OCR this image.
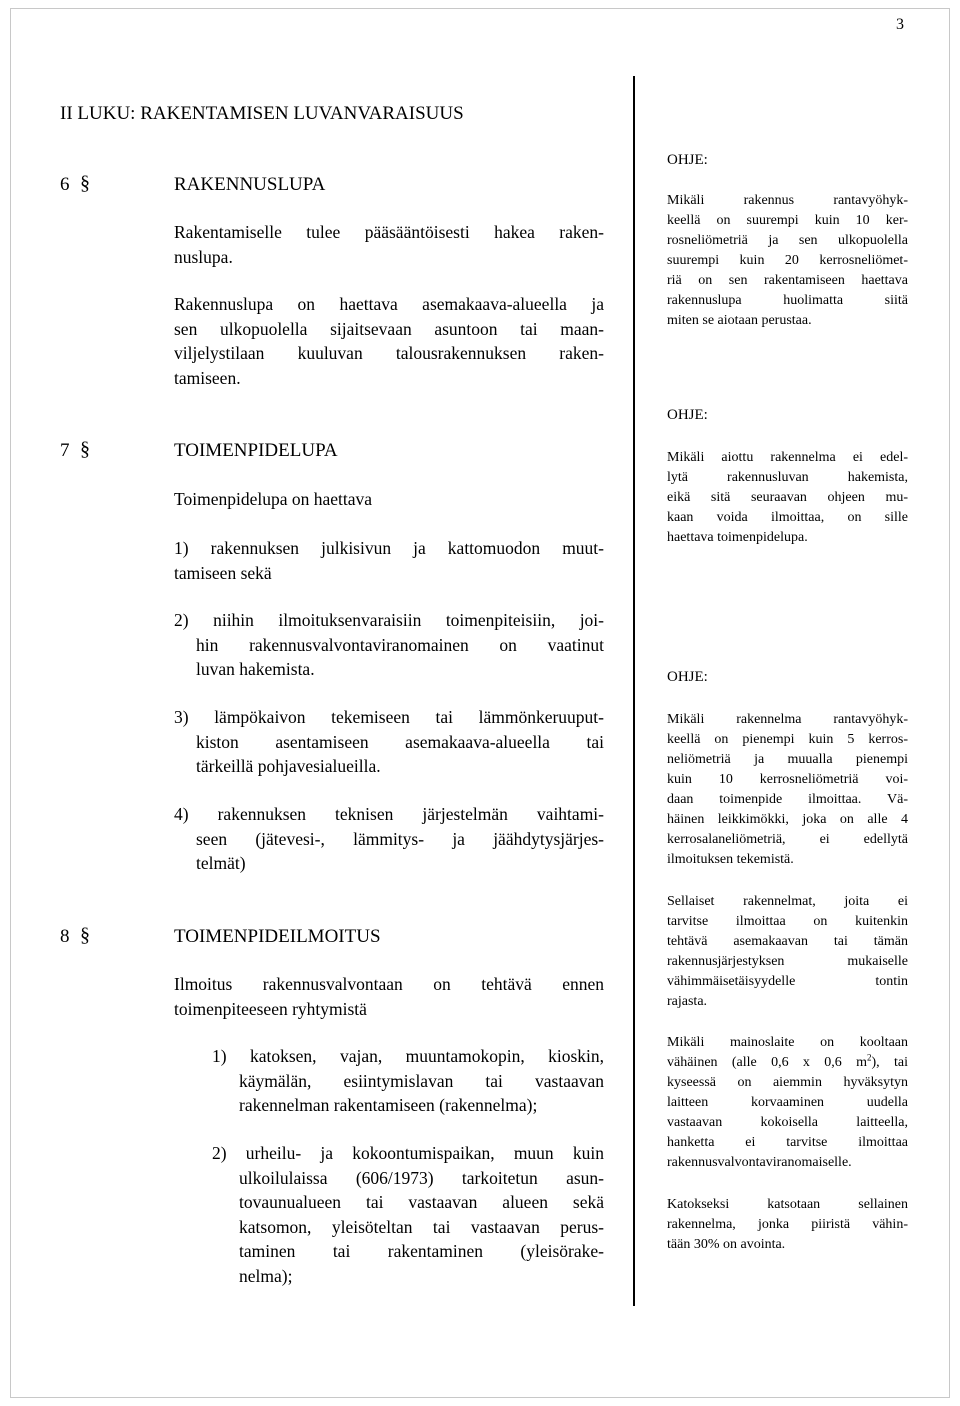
3
II LUKU: RAKENTAMISEN LUVANVARAISUUS
6 §	RAKENNUSLUPA
Rakentamiselle tulee pääsääntöisesti hakea raken-
nuslupa.
Rakennuslupa on haettava asemakaava-alueella ja
sen ulkopuolella sijaitsevaan asuntoon tai maan-
viljelystilaan kuuluvan talousrakennuksen raken-
tamiseen.
7 §	TOIMENPIDELUPA
Toimenpidelupa on haettava
1) rakennuksen julkisivun ja kattomuodon muut-
tamiseen sekä
2) niihin ilmoituksenvaraisiin toimenpiteisiin, joi-
hin rakennusvalvontaviranomainen on vaatinut
luvan hakemista.
3) lämpökaivon tekemiseen tai lämmönkeruuput-
kiston asentamiseen asemakaava-alueella tai
tärkeillä pohjavesialueilla.
4) rakennuksen teknisen järjestelmän vaihtami-
seen (jätevesi-, lämmitys- ja jäähdytysjärjes-
telmät)
8 §	TOIMENPIDEILMOITUS
Ilmoitus rakennusvalvontaan on tehtävä ennen
toimenpiteeseen ryhtymistä
1) katoksen, vajan, muuntamokopin, kioskin,
käymälän, esiintymislavan tai vastaavan
rakennelman rakentamiseen (rakennelma);
2) urheilu- ja kokoontumispaikan, muun kuin
ulkoilulaissa (606/1973) tarkoitetun asun-
tovaunualueen tai vastaavan alueen sekä
katsomon, yleisöteltan tai vastaavan perus-
taminen tai rakentaminen (yleisörake-
nelma);
OHJE:
Mikäli rakennus rantavyöhyk-
keellä on suurempi kuin 10 ker-
rosneliömetriä ja sen ulkopuolella
suurempi kuin 20 kerrosneliömet-
riä on sen rakentamiseen haettava
rakennuslupa huolimatta siitä
miten se aiotaan perustaa.
OHJE:
Mikäli aiottu rakennelma ei edel-
lytä rakennusluvan hakemista,
eikä sitä seuraavan ohjeen mu-
kaan voida ilmoittaa, on sille
haettava toimenpidelupa.
OHJE:
Mikäli rakennelma rantavyöhyk-
keellä on pienempi kuin 5 kerros-
neliömetriä ja muualla pienempi
kuin 10 kerrosneliömetriä voi-
daan toimenpide ilmoittaa. Vä-
häinen leikkimökki, joka on alle 4
kerrosalaneliömetriä, ei edellytä
ilmoituksen tekemistä.
Sellaiset rakennelmat, joita ei
tarvitse ilmoittaa on kuitenkin
tehtävä asemakaavan tai tämän
rakennusjärjestyksen mukaiselle
vähimmäisetäisyydelle tontin
rajasta.
Mikäli mainoslaite on kooltaan
vähäinen (alle 0,6 x 0,6 $m^2$), tai
kyseessä on aiemmin hyväksytyn
laitteen korvaaminen uudella
vastaavan kokoisella laitteella,
hanketta ei tarvitse ilmoittaa
rakennusvalvontaviranomaiselle.
Katokseksi katsotaan sellainen
rakennelma, jonka piiristä vähin-
tään 30% on avointa.
